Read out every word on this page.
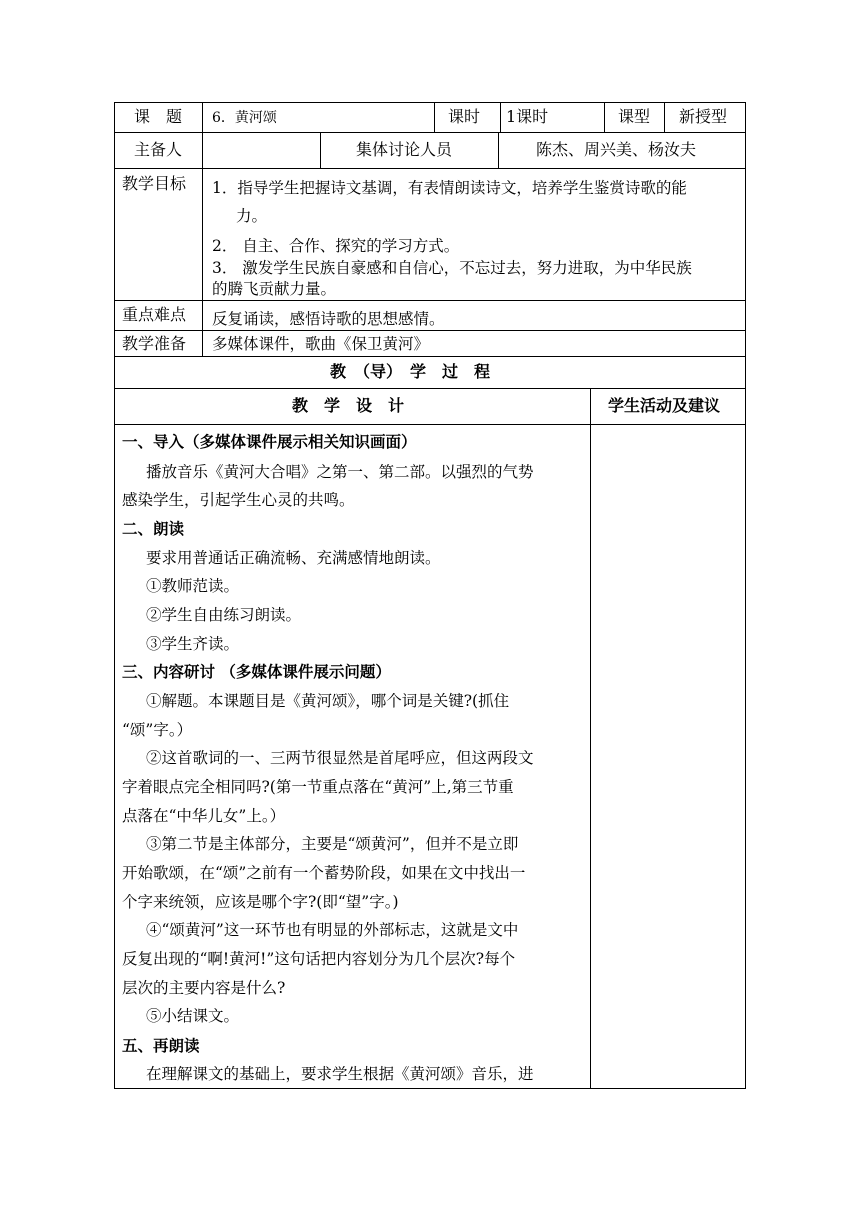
课　题 6．黄河颂	课时 1课时	课型 新授型
主备人	集体讨论人员	陈杰、周兴美、杨汝夫
教学目标 1．指导学生把握诗文基调，有表情朗读诗文，培养学生鉴赏诗歌的能
力。
2． 自主、合作、探究的学习方式。
3． 激发学生民族自豪感和自信心，不忘过去，努力进取，为中华民族
的腾飞贡献力量。
重点难点 反复诵读，感悟诗歌的思想感情。
教学准备 多媒体课件，歌曲《保卫黄河》
教　（导）　学　过　程
教　学　设　计	学生活动及建议
一、导入（多媒体课件展示相关知识画面）
播放音乐《黄河大合唱》之第一、第二部。以强烈的气势
感染学生，引起学生心灵的共鸣。
二、朗读
要求用普通话正确流畅、充满感情地朗读。
①教师范读。
②学生自由练习朗读。
③学生齐读。
三、内容研讨 （多媒体课件展示问题）
①解题。本课题目是《黄河颂》，哪个词是关键?(抓住
“颂”字。）
②这首歌词的一、三两节很显然是首尾呼应，但这两段文
字着眼点完全相同吗?(第一节重点落在“黄河”上,第三节重
点落在“中华儿女”上。）
③第二节是主体部分，主要是“颂黄河”，但并不是立即
开始歌颂，在“颂”之前有一个蓄势阶段，如果在文中找出一
个字来统领，应该是哪个字?(即“望”字。)
④“颂黄河”这一环节也有明显的外部标志，这就是文中
反复出现的“啊!黄河!”这句话把内容划分为几个层次?每个
层次的主要内容是什么?
⑤小结课文。
五、再朗读
在理解课文的基础上，要求学生根据《黄河颂》音乐，进
